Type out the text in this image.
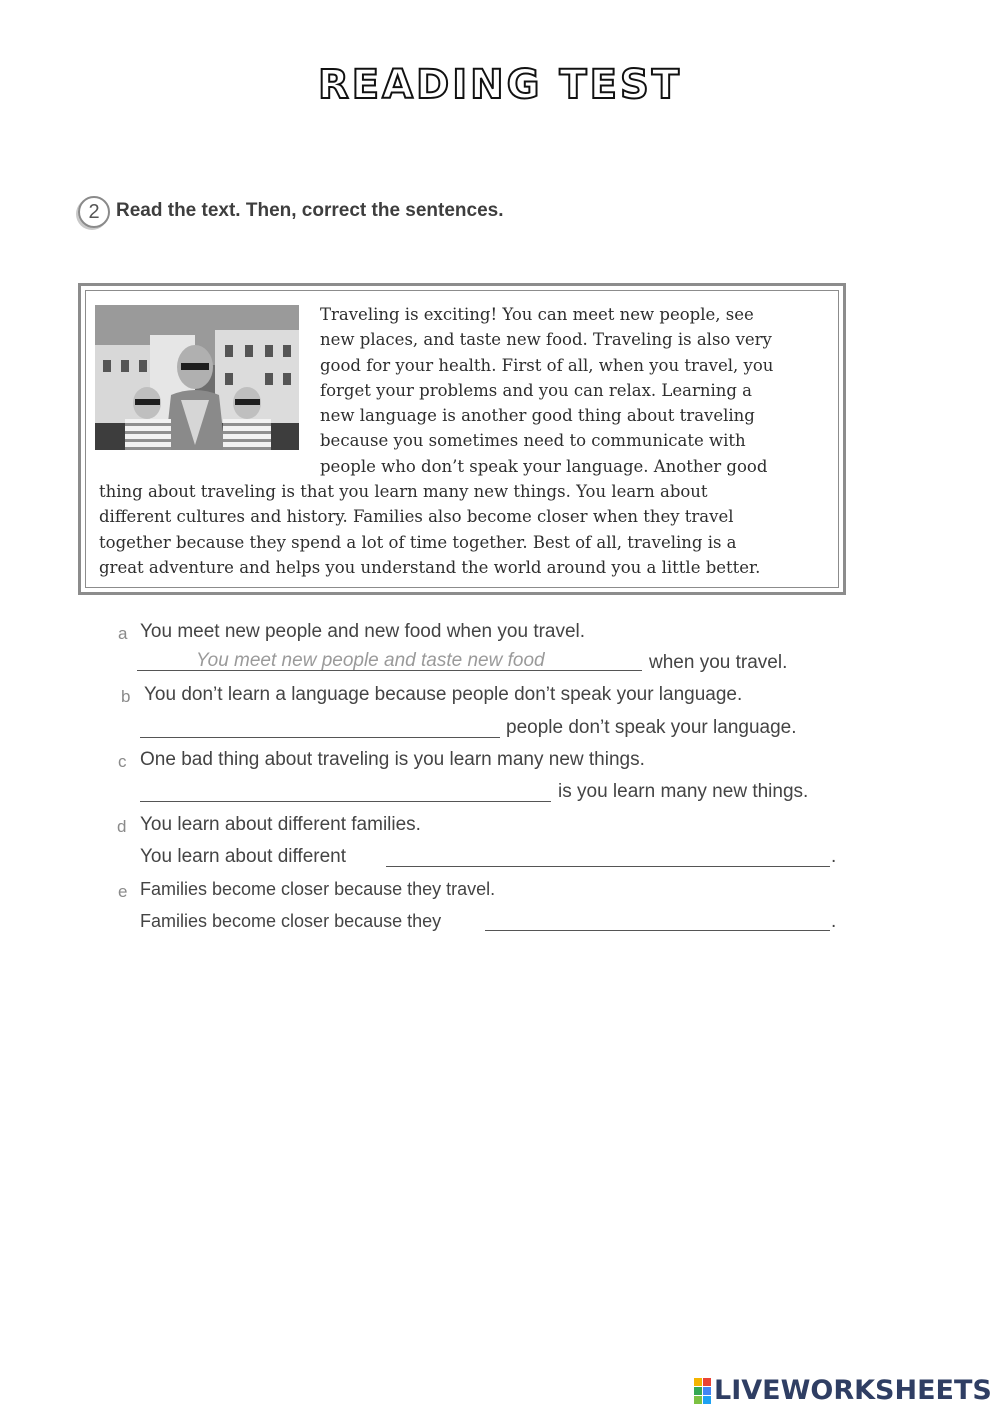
READING TEST
2 Read the text. Then, correct the sentences.
Traveling is exciting! You can meet new people, see
new places, and taste new food. Traveling is also very
good for your health. First of all, when you travel, you
forget your problems and you can relax. Learning a
new language is another good thing about traveling
because you sometimes need to communicate with
people who don’t speak your language. Another good
thing about traveling is that you learn many new things. You learn about
different cultures and history. Families also become closer when they travel
together because they spend a lot of time together. Best of all, traveling is a
great adventure and helps you understand the world around you a little better.
a You meet new people and new food when you travel.
You meet new people and taste new food	when you travel.
b You don’t learn a language because people don’t speak your language.
people don’t speak your language.
c One bad thing about traveling is you learn many new things.
is you learn many new things.
d You learn about different families.
You learn about different	.
e Families become closer because they travel.
Families become closer because they	.
LIVEWORKSHEETS
